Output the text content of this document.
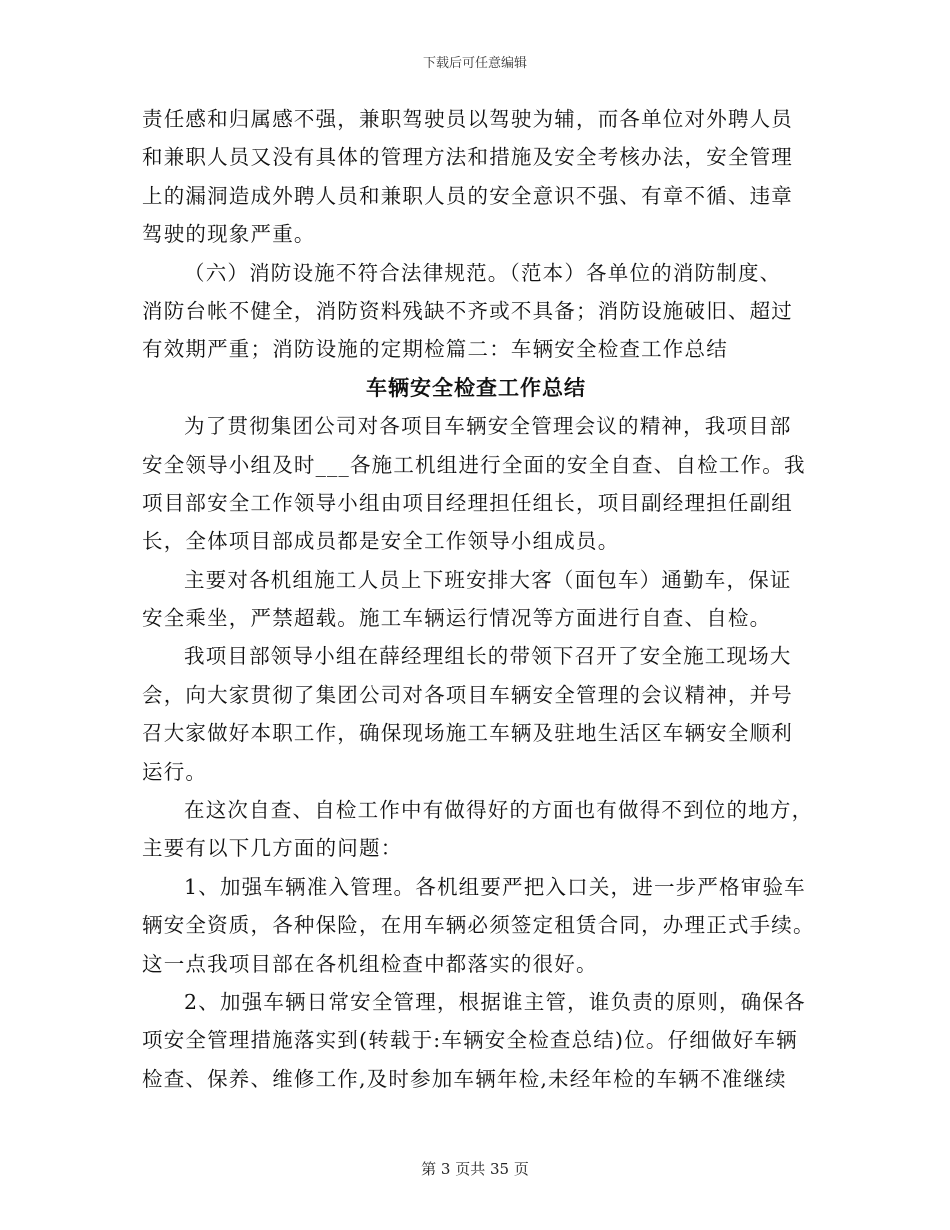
下载后可任意编辑
责任感和归属感不强，兼职驾驶员以驾驶为辅，而各单位对外聘人员
和兼职人员又没有具体的管理方法和措施及安全考核办法，安全管理
上的漏洞造成外聘人员和兼职人员的安全意识不强、有章不循、违章
驾驶的现象严重。
（六）消防设施不符合法律规范。（范本）各单位的消防制度、
消防台帐不健全，消防资料残缺不齐或不具备；消防设施破旧、超过
有效期严重；消防设施的定期检篇二：车辆安全检查工作总结
车辆安全检查工作总结
为了贯彻集团公司对各项目车辆安全管理会议的精神，我项目部
安全领导小组及时___各施工机组进行全面的安全自查、自检工作。我
项目部安全工作领导小组由项目经理担任组长，项目副经理担任副组
长，全体项目部成员都是安全工作领导小组成员。
主要对各机组施工人员上下班安排大客（面包车）通勤车，保证
安全乘坐，严禁超载。施工车辆运行情况等方面进行自查、自检。
我项目部领导小组在薛经理组长的带领下召开了安全施工现场大
会，向大家贯彻了集团公司对各项目车辆安全管理的会议精神，并号
召大家做好本职工作，确保现场施工车辆及驻地生活区车辆安全顺利
运行。
在这次自查、自检工作中有做得好的方面也有做得不到位的地方，
主要有以下几方面的问题：
1、加强车辆准入管理。各机组要严把入口关，进一步严格审验车
辆安全资质，各种保险，在用车辆必须签定租赁合同，办理正式手续。
这一点我项目部在各机组检查中都落实的很好。
2、加强车辆日常安全管理，根据谁主管，谁负责的原则，确保各
项安全管理措施落实到(转载于:车辆安全检查总结)位。仔细做好车辆
检查、保养、维修工作,及时参加车辆年检,未经年检的车辆不准继续
第 3 页共 35 页
